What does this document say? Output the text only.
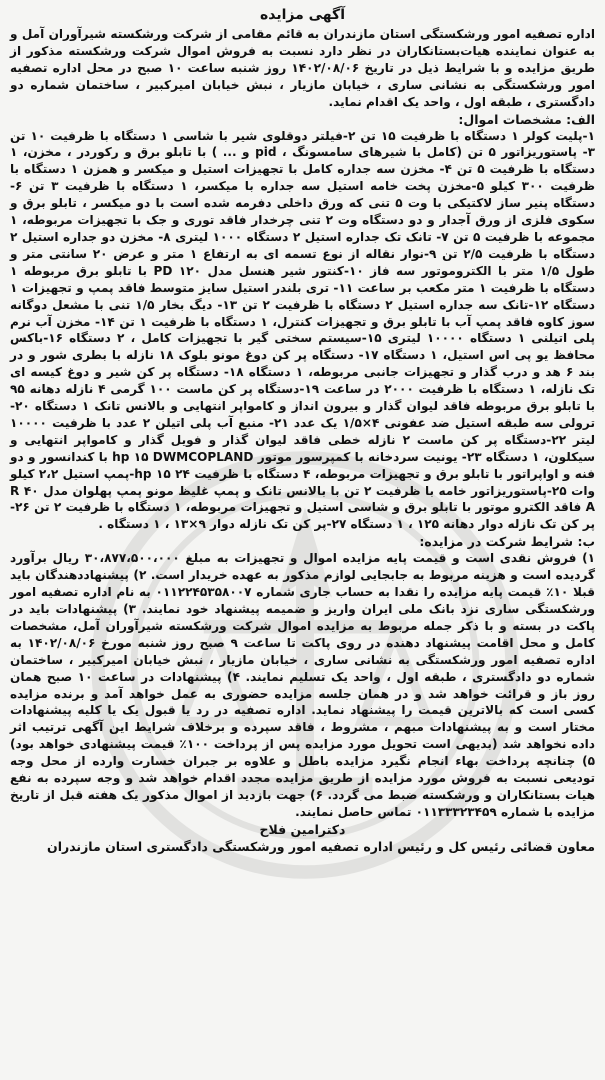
آگهی مزایده

اداره تصفیه امور ورشکستگی استان مازندران به قائم مقامی از شرکت ورشکسته شیرآوران آمل و به عنوان نماینده هیات‌بستانکاران در نظر دارد نسبت به فروش اموال شرکت ورشکسته مذکور از طریق مزایده و با شرایط ذیل در تاریخ ۱۴۰۲/۰۸/۰۶ روز شنبه ساعت ۱۰ صبح در محل اداره تصفیه امور ورشکستگی به نشانی ساری ، خیابان مازیار ، نبش خیابان امیرکبیر ، ساختمان شماره دو دادگستری ، طبقه اول ، واحد یک اقدام نماید.

الف: مشخصات اموال:

۱-پلیت کولر ۱ دستگاه با ظرفیت ۱۵ تن ۲-فیلتر دوقلوی شیر با شاسی ۱ دستگاه با ظرفیت ۱۰ تن ۳- پاستوریزاتور ۵ تن (کامل با شیرهای سامسونگ ، pid و ... ) با تابلو برق و رکوردر ، مخزن، ۱ دستگاه با ظرفیت ۵ تن ۴- مخزن سه جداره کامل با تجهیزات استیل و میکسر و همزن ۱ دستگاه با ظرفیت ۳۰۰ کیلو ۵-مخزن پخت خامه استیل سه جداره با میکسر، ۱ دستگاه با ظرفیت ۳ تن ۶- دستگاه پنیر ساز لاکتیکی با وت ۵ تنی که ورق داخلی دفرمه شده است با دو میکسر ، تابلو برق و سکوی فلزی از ورق آجدار و دو دستگاه وت ۲ تنی چرخدار فاقد توری و جک با تجهیزات مربوطه، ۱ مجموعه با ظرفیت ۵ تن ۷- تانک تک جداره استیل ۲ دستگاه ۱۰۰۰ لیتری ۸- مخزن دو جداره استیل ۲ دستگاه با ظرفیت ۲/۵ تن ۹-نوار نقاله از نوع تسمه ای به ارتفاع ۱ متر و عرض ۲۰ سانتی متر و طول ۱/۵ متر با الکتروموتور سه فاز ۱۰-کنتور شیر هنسل مدل PD ۱۲۰ با تابلو برق مربوطه ۱ دستگاه با ظرفیت ۱ متر مکعب بر ساعت ۱۱- تری بلندر استیل سایز متوسط فاقد پمپ و تجهیزات ۱ دستگاه ۱۲-تانک سه جداره استیل ۲ دستگاه با ظرفیت ۲ تن ۱۳- دیگ بخار ۱/۵ تنی با مشعل دوگانه سوز کاوه فاقد پمپ آب با تابلو برق و تجهیزات کنترل، ۱ دستگاه با ظرفیت ۱ تن ۱۴- مخزن آب نرم پلی اتیلنی ۱ دستگاه ۱۰۰۰۰ لیتری ۱۵-سیستم سختی گیر با تجهیزات کامل ، ۲ دستگاه ۱۶-باکس محافظ یو پی اس استیل، ۱ دستگاه ۱۷- دستگاه پر کن دوغ مونو بلوک ۱۸ نازله با بطری شور و در بند ۶ هد و درب گذار و تجهیزات جانبی مربوطه، ۱ دستگاه ۱۸- دستگاه پر کن شیر و دوغ کیسه ای تک نازله، ۱ دستگاه با ظرفیت ۲۰۰۰ در ساعت ۱۹-دستگاه پر کن ماست ۱۰۰ گرمی ۴ نازله دهانه ۹۵ با تابلو برق مربوطه فاقد لیوان گذار و بیرون انداز و کامواپر انتهایی و بالانس تانک ۱ دستگاه ۲۰-ترولی سه طبقه استیل ضد عفونی ۴×۱/۵ یک عدد ۲۱- منبع آب پلی اتیلن ۲ عدد با ظرفیت ۱۰۰۰۰ لیتر ۲۲-دستگاه پر کن ماست ۲ نازله خطی فاقد لیوان گذار و فویل گذار و کامواپر انتهایی و سیکلون، ۱ دستگاه ۲۳- یونیت سردخانه با کمپرسور موتور hp ۱۵ DWMCOPLAND با کندانسور و دو فنه و اواپراتور با تابلو برق و تجهیزات مربوطه، ۴ دستگاه با ظرفیت hp ۱۵ ۲۴-پمپ استیل ۲،۲ کیلو وات ۲۵-پاستوریزاتور خامه با ظرفیت ۲ تن با بالانس تانک و پمپ غلیظ مونو پمپ پهلوان مدل R ۴۰ A فاقد الکترو موتور با تابلو برق و شاسی استیل و تجهیزات مربوطه، ۱ دستگاه با ظرفیت ۲ تن ۲۶-پر کن تک نازله دوار دهانه ۱۲۵ ، ۱ دستگاه ۲۷-پر کن تک نازله دوار ۹×۱۳ ، ۱ دستگاه .

ب: شرایط شرکت در مزایده:

۱) فروش نقدی است و قیمت پایه مزایده اموال و تجهیزات به مبلغ ۳۰،۸۷۷،۵۰۰،۰۰۰ ریال برآورد گردیده است و هزینه مربوط به جابجایی لوازم مذکور به عهده خریدار است. ۲) پیشنهاددهندگان باید قبلا ۱۰٪ قیمت پایه مزایده را نقدا به حساب جاری شماره ۰۱۱۲۲۴۵۳۵۸۰۰۷ به نام اداره تصفیه امور ورشکستگی ساری نزد بانک ملی ایران واریز و ضمیمه پیشنهاد خود نمایند. ۳) پیشنهادات باید در پاکت در بسته و با ذکر جمله مربوط به مزایده اموال شرکت ورشکسته شیرآوران آمل، مشخصات کامل و محل اقامت پیشنهاد دهنده در روی پاکت تا ساعت ۹ صبح روز شنبه مورخ ۱۴۰۲/۰۸/۰۶ به اداره تصفیه امور ورشکستگی به نشانی ساری ، خیابان مازیار ، نبش خیابان امیرکبیر ، ساختمان شماره دو دادگستری ، طبقه اول ، واحد یک تسلیم نمایند. ۴) پیشنهادات در ساعت ۱۰ صبح همان روز باز و قرائت خواهد شد و در همان جلسه مزایده حضوری به عمل خواهد آمد و برنده مزایده کسی است که بالاترین قیمت را پیشنهاد نماید. اداره تصفیه در رد یا قبول یک یا کلیه پیشنهادات مختار است و به پیشنهادات مبهم ، مشروط ، فاقد سپرده و برخلاف شرایط این آگهی ترتیب اثر داده نخواهد شد (بدیهی است تحویل مورد مزایده پس از پرداخت ۱۰۰٪ قیمت پیشنهادی خواهد بود) ۵) چنانچه پرداخت بهاء انجام نگیرد مزایده باطل و علاوه بر جبران خسارت وارده از محل وجه تودیعی نسبت به فروش مورد مزایده از طریق مزایده مجدد اقدام خواهد شد و وجه سپرده به نفع هیات بستانکاران و ورشکسته ضبط می گردد. ۶) جهت بازدید از اموال مذکور یک هفته قبل از تاریخ مزایده با شماره ۰۱۱۳۳۳۲۳۴۵۹ تماس حاصل نمایند.

دکترامین فلاح
معاون قضائی رئیس کل و رئیس اداره تصفیه امور ورشکستگی دادگستری استان مازندران
